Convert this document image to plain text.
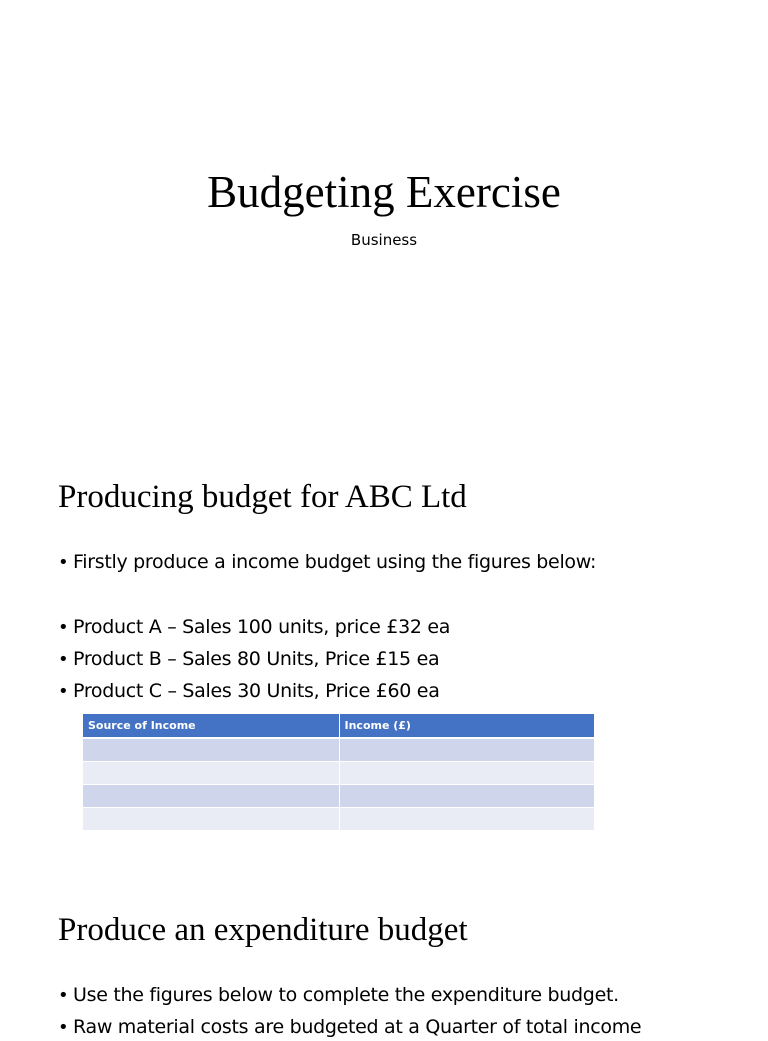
Budgeting Exercise
Business
Producing budget for ABC Ltd
• Firstly produce a income budget using the figures below:
• Product A – Sales 100 units, price £32 ea
• Product B – Sales 80 Units, Price £15 ea
• Product C – Sales 30 Units, Price £60 ea
Source of Income	Income (£)

Produce an expenditure budget
• Use the figures below to complete the expenditure budget.
• Raw material costs are budgeted at a Quarter of total income
